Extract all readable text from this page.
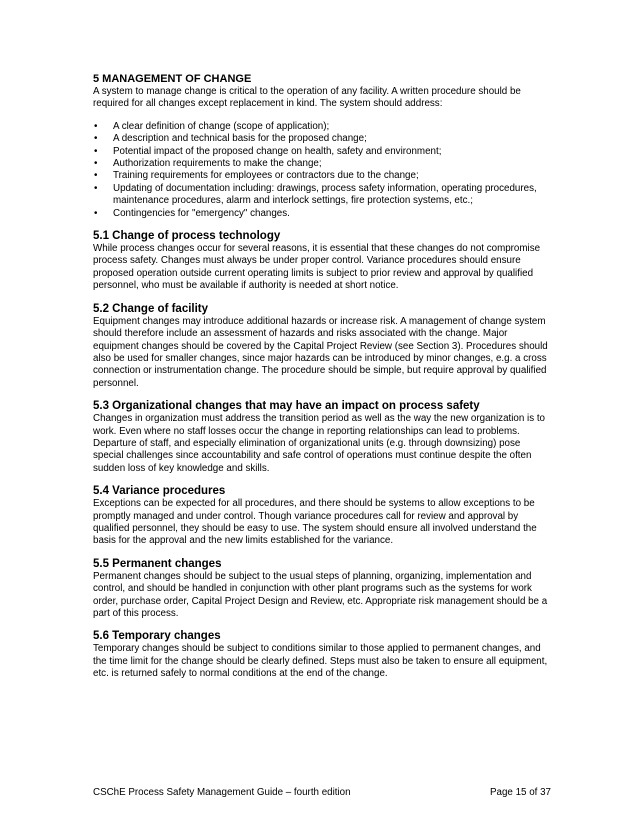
5 MANAGEMENT OF CHANGE

A system to manage change is critical to the operation of any facility. A written procedure should be required for all changes except replacement in kind. The system should address:

• A clear definition of change (scope of application);
• A description and technical basis for the proposed change;
• Potential impact of the proposed change on health, safety and environment;
• Authorization requirements to make the change;
• Training requirements for employees or contractors due to the change;
• Updating of documentation including: drawings, process safety information, operating procedures, maintenance procedures, alarm and interlock settings, fire protection systems, etc.;
• Contingencies for "emergency" changes.
5.1 Change of process technology

While process changes occur for several reasons, it is essential that these changes do not compromise process safety. Changes must always be under proper control. Variance procedures should ensure proposed operation outside current operating limits is subject to prior review and approval by qualified personnel, who must be available if authority is needed at short notice.

5.2 Change of facility

Equipment changes may introduce additional hazards or increase risk. A management of change system should therefore include an assessment of hazards and risks associated with the change. Major equipment changes should be covered by the Capital Project Review (see Section 3). Procedures should also be used for smaller changes, since major hazards can be introduced by minor changes, e.g. a cross connection or instrumentation change. The procedure should be simple, but require approval by qualified personnel.

5.3 Organizational changes that may have an impact on process safety

Changes in organization must address the transition period as well as the way the new organization is to work. Even where no staff losses occur the change in reporting relationships can lead to problems. Departure of staff, and especially elimination of organizational units (e.g. through downsizing) pose special challenges since accountability and safe control of operations must continue despite the often sudden loss of key knowledge and skills.

5.4 Variance procedures

Exceptions can be expected for all procedures, and there should be systems to allow exceptions to be promptly managed and under control. Though variance procedures call for review and approval by qualified personnel, they should be easy to use. The system should ensure all involved understand the basis for the approval and the new limits established for the variance.

5.5 Permanent changes

Permanent changes should be subject to the usual steps of planning, organizing, implementation and control, and should be handled in conjunction with other plant programs such as the systems for work order, purchase order, Capital Project Design and Review, etc. Appropriate risk management should be a part of this process.

5.6 Temporary changes

Temporary changes should be subject to conditions similar to those applied to permanent changes, and the time limit for the change should be clearly defined. Steps must also be taken to ensure all equipment, etc. is returned safely to normal conditions at the end of the change.

CSChE Process Safety Management Guide – fourth edition	Page 15 of 37
